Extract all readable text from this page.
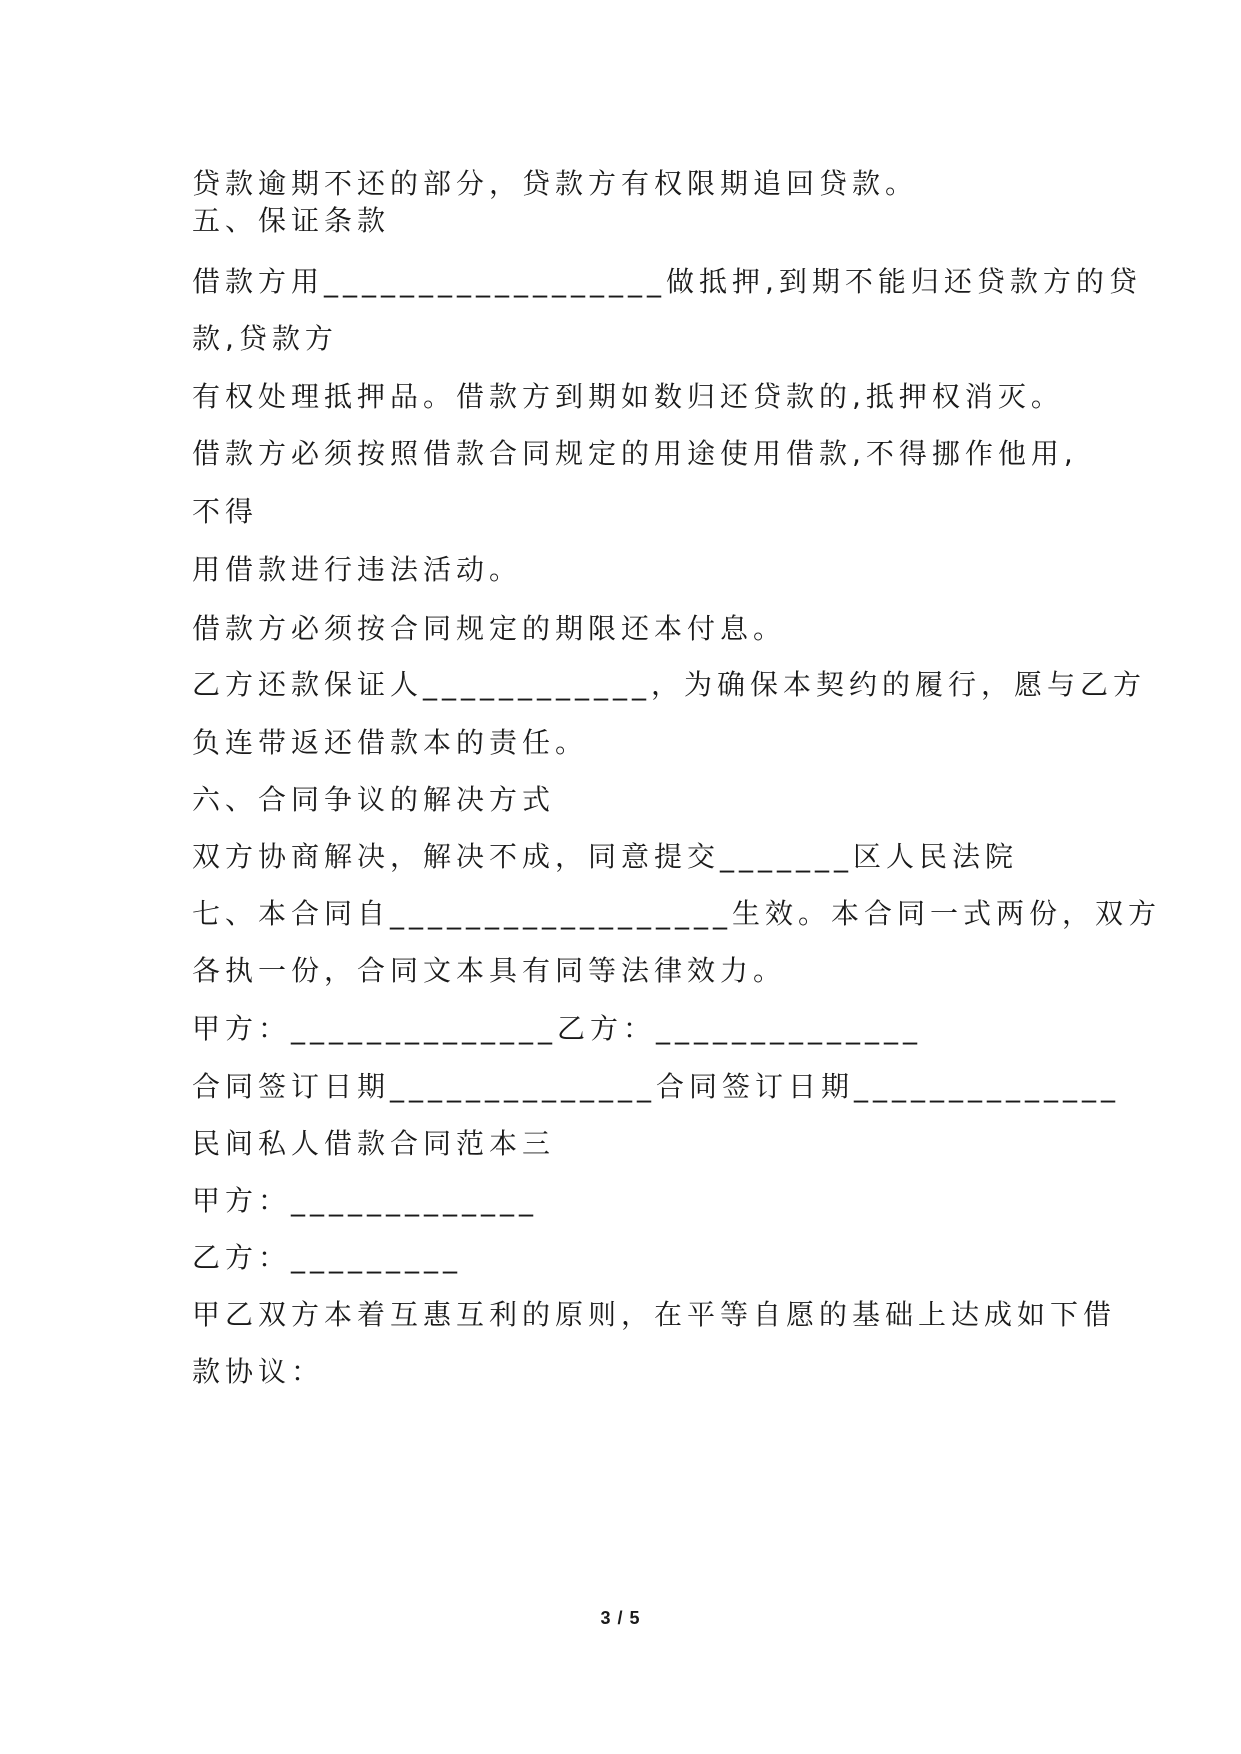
贷款逾期不还的部分，贷款方有权限期追回贷款。
五、保证条款
借款方用__________________做抵押,到期不能归还贷款方的贷
款,贷款方
有权处理抵押品。借款方到期如数归还贷款的,抵押权消灭。
借款方必须按照借款合同规定的用途使用借款,不得挪作他用,
不得
用借款进行违法活动。
借款方必须按合同规定的期限还本付息。
乙方还款保证人____________，为确保本契约的履行，愿与乙方
负连带返还借款本的责任。
六、合同争议的解决方式
双方协商解决，解决不成，同意提交_______区人民法院
七、本合同自__________________生效。本合同一式两份，双方
各执一份，合同文本具有同等法律效力。
甲方：______________乙方：______________
合同签订日期______________合同签订日期______________
民间私人借款合同范本三
甲方：_____________
乙方：_________
甲乙双方本着互惠互利的原则，在平等自愿的基础上达成如下借
款协议：
3 / 5
